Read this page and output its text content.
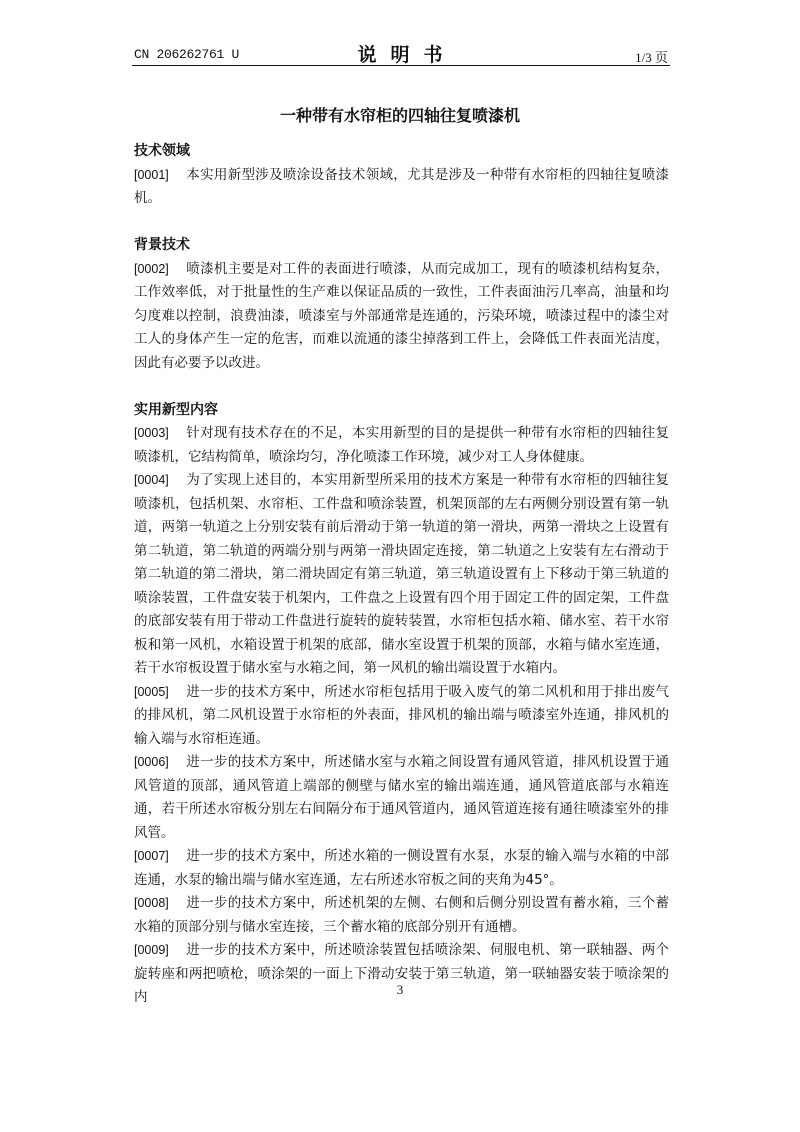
CN 206262761 U	说明书	1/3 页
一种带有水帘柜的四轴往复喷漆机

技术领域

[0001] 本实用新型涉及喷涂设备技术领域，尤其是涉及一种带有水帘柜的四轴往复喷漆机。

背景技术

[0002] 喷漆机主要是对工件的表面进行喷漆，从而完成加工，现有的喷漆机结构复杂，工作效率低，对于批量性的生产难以保证品质的一致性，工件表面油污几率高，油量和均匀度难以控制，浪费油漆，喷漆室与外部通常是连通的，污染环境，喷漆过程中的漆尘对工人的身体产生一定的危害，而难以流通的漆尘掉落到工件上，会降低工件表面光洁度，因此有必要予以改进。

实用新型内容

[0003] 针对现有技术存在的不足，本实用新型的目的是提供一种带有水帘柜的四轴往复喷漆机，它结构简单，喷涂均匀，净化喷漆工作环境，减少对工人身体健康。

[0004] 为了实现上述目的，本实用新型所采用的技术方案是一种带有水帘柜的四轴往复喷漆机，包括机架、水帘柜、工件盘和喷涂装置，机架顶部的左右两侧分别设置有第一轨道，两第一轨道之上分别安装有前后滑动于第一轨道的第一滑块，两第一滑块之上设置有第二轨道，第二轨道的两端分别与两第一滑块固定连接，第二轨道之上安装有左右滑动于第二轨道的第二滑块，第二滑块固定有第三轨道，第三轨道设置有上下移动于第三轨道的喷涂装置，工件盘安装于机架内，工件盘之上设置有四个用于固定工件的固定架，工件盘的底部安装有用于带动工件盘进行旋转的旋转装置，水帘柜包括水箱、储水室、若干水帘板和第一风机，水箱设置于机架的底部，储水室设置于机架的顶部，水箱与储水室连通，若干水帘板设置于储水室与水箱之间，第一风机的输出端设置于水箱内。

[0005] 进一步的技术方案中，所述水帘柜包括用于吸入废气的第二风机和用于排出废气的排风机，第二风机设置于水帘柜的外表面，排风机的输出端与喷漆室外连通，排风机的输入端与水帘柜连通。

[0006] 进一步的技术方案中，所述储水室与水箱之间设置有通风管道，排风机设置于通风管道的顶部，通风管道上端部的侧壁与储水室的输出端连通，通风管道底部与水箱连通，若干所述水帘板分别左右间隔分布于通风管道内，通风管道连接有通往喷漆室外的排风管。

[0007] 进一步的技术方案中，所述水箱的一侧设置有水泵，水泵的输入端与水箱的中部连通，水泵的输出端与储水室连通，左右所述水帘板之间的夹角为45°。

[0008] 进一步的技术方案中，所述机架的左侧、右侧和后侧分别设置有蓄水箱，三个蓄水箱的顶部分别与储水室连接，三个蓄水箱的底部分别开有通槽。

[0009] 进一步的技术方案中，所述喷涂装置包括喷涂架、伺服电机、第一联轴器、两个旋转座和两把喷枪，喷涂架的一面上下滑动安装于第三轨道，第一联轴器安装于喷涂架的内	3
